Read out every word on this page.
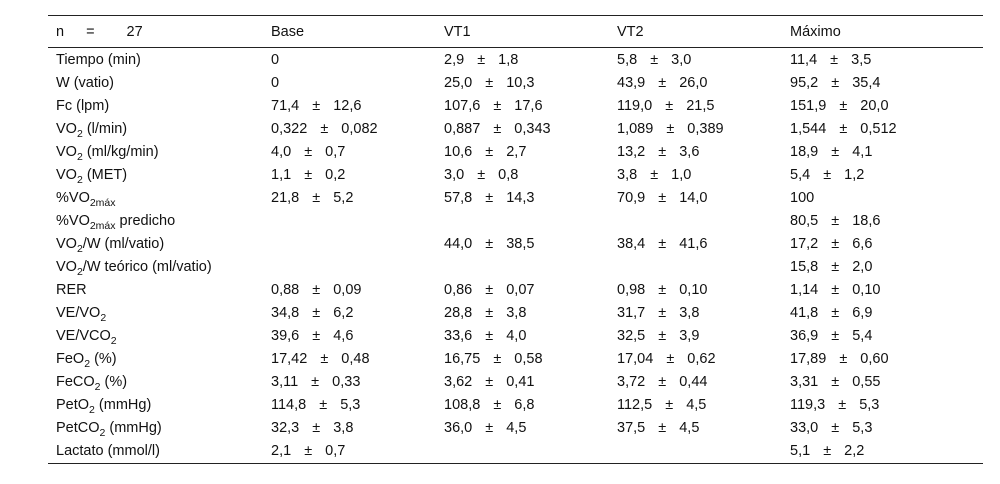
n = 27	Base	VT1	VT2	Máximo
Tiempo (min)	0	2,9 ± 1,8	5,8 ± 3,0	11,4 ± 3,5
W (vatio)	0	25,0 ± 10,3	43,9 ± 26,0	95,2 ± 35,4
Fc (lpm)	71,4 ± 12,6	107,6 ± 17,6	119,0 ± 21,5	151,9 ± 20,0
$VO_2$ (l/min)	0,322 ± 0,082	0,887 ± 0,343	1,089 ± 0,389	1,544 ± 0,512
$VO_2$ (ml/kg/min)	4,0 ± 0,7	10,6 ± 2,7	13,2 ± 3,6	18,9 ± 4,1
$VO_2$ (MET)	1,1 ± 0,2	3,0 ± 0,8	3,8 ± 1,0	5,4 ± 1,2
$\%VO_{2máx}$	21,8 ± 5,2	57,8 ± 14,3	70,9 ± 14,0	100
$\%VO_{2máx}$ predicho				80,5 ± 18,6
$VO_2/W$ (ml/vatio)		44,0 ± 38,5	38,4 ± 41,6	17,2 ± 6,6
$VO_2/W$ teórico (ml/vatio)				15,8 ± 2,0
RER	0,88 ± 0,09	0,86 ± 0,07	0,98 ± 0,10	1,14 ± 0,10
$VE/VO_2$	34,8 ± 6,2	28,8 ± 3,8	31,7 ± 3,8	41,8 ± 6,9
$VE/VCO_2$	39,6 ± 4,6	33,6 ± 4,0	32,5 ± 3,9	36,9 ± 5,4
FeO$_2$ (%)	17,42 ± 0,48	16,75 ± 0,58	17,04 ± 0,62	17,89 ± 0,60
FeCO$_2$ (%)	3,11 ± 0,33	3,62 ± 0,41	3,72 ± 0,44	3,31 ± 0,55
PetO$_2$ (mmHg)	114,8 ± 5,3	108,8 ± 6,8	112,5 ± 4,5	119,3 ± 5,3
PetCO$_2$ (mmHg)	32,3 ± 3,8	36,0 ± 4,5	37,5 ± 4,5	33,0 ± 5,3
Lactato (mmol/l)	2,1 ± 0,7			5,1 ± 2,2
